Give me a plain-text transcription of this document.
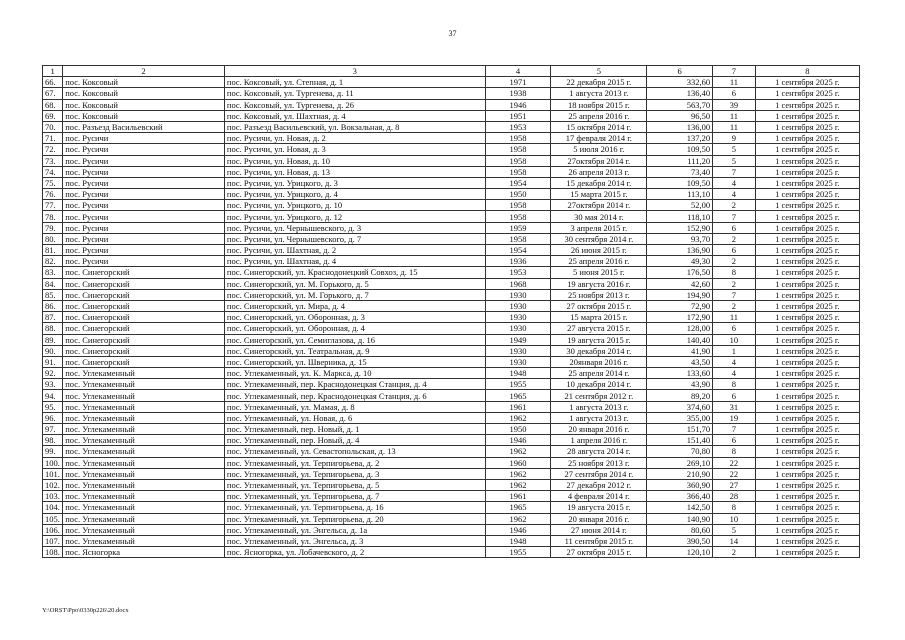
37
1	2	3	4	5	6	7	8
66.	пос. Коксовый	пос. Коксовый, ул. Степная, д. 1	1971	22 декабря 2015 г.	332,60	11	1 сентября 2025 г.
67.	пос. Коксовый	пос. Коксовый, ул. Тургенева, д. 11	1938	1 августа 2013 г.	136,40	6	1 сентября 2025 г.
68.	пос. Коксовый	пос. Коксовый, ул. Тургенева, д. 26	1946	18 ноября 2015 г.	563,70	39	1 сентября 2025 г.
69.	пос. Коксовый	пос. Коксовый, ул. Шахтная, д. 4	1951	25 апреля 2016 г.	96,50	11	1 сентября 2025 г.
70.	пос. Разъезд Васильевский	пос. Разъезд Васильевский, ул. Вокзальная, д. 8	1953	15 октября 2014 г.	136,00	11	1 сентября 2025 г.
71.	пос. Русичи	пос. Русичи, ул. Новая, д. 2	1958	17 февраля 2014 г.	137,20	9	1 сентября 2025 г.
72.	пос. Русичи	пос. Русичи, ул. Новая, д. 3	1958	5 июля 2016 г.	109,50	5	1 сентября 2025 г.
73.	пос. Русичи	пос. Русичи, ул. Новая, д. 10	1958	27октября 2014 г.	111,20	5	1 сентября 2025 г.
74.	пос. Русичи	пос. Русичи, ул. Новая, д. 13	1958	26 апреля 2013 г.	73,40	7	1 сентября 2025 г.
75.	пос. Русичи	пос. Русичи, ул. Урицкого, д. 3	1954	15 декабря 2014 г.	109,50	4	1 сентября 2025 г.
76.	пос. Русичи	пос. Русичи, ул. Урицкого, д. 4	1950	15 марта 2015 г.	113,10	4	1 сентября 2025 г.
77.	пос. Русичи	пос. Русичи, ул. Урицкого, д. 10	1958	27октября 2014 г.	52,00	2	1 сентября 2025 г.
78.	пос. Русичи	пос. Русичи, ул. Урицкого, д. 12	1958	30 мая 2014 г.	118,10	7	1 сентября 2025 г.
79.	пос. Русичи	пос. Русичи, ул. Чернышевского, д. 3	1959	3 апреля 2015 г.	152,90	6	1 сентября 2025 г.
80.	пос. Русичи	пос. Русичи, ул. Чернышевского, д. 7	1958	30 сентября 2014 г.	93,70	2	1 сентября 2025 г.
81.	пос. Русичи	пос. Русичи, ул. Шахтная, д. 2	1954	26 июня 2015 г.	136,90	6	1 сентября 2025 г.
82.	пос. Русичи	пос. Русичи, ул. Шахтная, д. 4	1936	25 апреля 2016 г.	49,30	2	1 сентября 2025 г.
83.	пос. Синегорский	пос. Синегорский, ул. Краснодонецкий Совхоз, д. 15	1953	5 июня 2015 г.	176,50	8	1 сентября 2025 г.
84.	пос. Синегорский	пос. Синегорский, ул. М. Горького, д. 5	1968	19 августа 2016 г.	42,60	2	1 сентября 2025 г.
85.	пос. Синегорский	пос. Синегорский, ул. М. Горького, д. 7	1930	25 ноября 2013 г.	194,90	7	1 сентября 2025 г.
86.	пос. Синегорский	пос. Синегорский, ул. Мира, д. 4	1930	27 октября 2015 г.	72,90	2	1 сентября 2025 г.
87.	пос. Синегорский	пос. Синегорский, ул. Оборонная, д. 3	1930	15 марта 2015 г.	172,90	11	1 сентября 2025 г.
88.	пос. Синегорский	пос. Синегорский, ул. Оборонная, д. 4	1930	27 августа 2015 г.	128,00	6	1 сентября 2025 г.
89.	пос. Синегорский	пос. Синегорский, ул. Семиглазова, д. 16	1949	19 августа 2015 г.	140,40	10	1 сентября 2025 г.
90.	пос. Синегорский	пос. Синегорский, ул. Театральная, д. 9	1930	30 декабря 2014 г.	41,90	1	1 сентября 2025 г.
91.	пос. Синегорский	пос. Синегорский, ул. Шверника, д. 15	1930	20января 2016 г.	43,50	4	1 сентября 2025 г.
92.	пос. Углекаменный	пос. Углекаменный, ул. К. Маркса, д. 10	1948	25 апреля 2014 г.	133,60	4	1 сентября 2025 г.
93.	пос. Углекаменный	пос. Углекаменный, пер. Краснодонецкая Станция, д. 4	1955	10 декабря 2014 г.	43,90	8	1 сентября 2025 г.
94.	пос. Углекаменный	пос. Углекаменный, пер. Краснодонецкая Станция, д. 6	1965	21 сентября 2012 г.	89,20	6	1 сентября 2025 г.
95.	пос. Углекаменный	пос. Углекаменный, ул. Мамая, д. 8	1961	1 августа 2013 г.	374,60	31	1 сентября 2025 г.
96.	пос. Углекаменный	пос. Углекаменный, ул. Новая, д. 6	1962	1 августа 2013 г.	355,00	19	1 сентября 2025 г.
97.	пос. Углекаменный	пос. Углекаменный, пер. Новый, д. 1	1950	20 января 2016 г.	151,70	7	1 сентября 2025 г.
98.	пос. Углекаменный	пос. Углекаменный, пер. Новый, д. 4	1946	1 апреля 2016 г.	151,40	6	1 сентября 2025 г.
99.	пос. Углекаменный	пос. Углекаменный, ул. Севастопольская, д. 13	1962	28 августа 2014 г.	70,80	8	1 сентября 2025 г.
100.	пос. Углекаменный	пос. Углекаменный, ул. Терпигорьева, д. 2	1960	25 ноября 2013 г.	269,10	22	1 сентября 2025 г.
101.	пос. Углекаменный	пос. Углекаменный, ул. Терпигорьева, д. 3	1962	27 сентября 2014 г.	210,90	22	1 сентября 2025 г.
102.	пос. Углекаменный	пос. Углекаменный, ул. Терпигорьева, д. 5	1962	27 декабря 2012 г.	360,90	27	1 сентября 2025 г.
103.	пос. Углекаменный	пос. Углекаменный, ул. Терпигорьева, д. 7	1961	4 февраля 2014 г.	366,40	28	1 сентября 2025 г.
104.	пос. Углекаменный	пос. Углекаменный, ул. Терпигорьева, д. 16	1965	19 августа 2015 г.	142,50	8	1 сентября 2025 г.
105.	пос. Углекаменный	пос. Углекаменный, ул. Терпигорьева, д. 20	1962	20 января 2016 г.	140,90	10	1 сентября 2025 г.
106.	пос. Углекаменный	пос. Углекаменный, ул. Энгельса, д. 1а	1946	27 июня 2014 г.	80,60	5	1 сентября 2025 г.
107.	пос. Углекаменный	пос. Углекаменный, ул. Энгельса, д. 3	1948	11 сентября 2015 г.	390,50	14	1 сентября 2025 г.
108.	пос. Ясногорка	пос. Ясногорка, ул. Лобачевского, д. 2	1955	27 октября 2015 г.	120,10	2	1 сентября 2025 г.
Y:\ORST\Ppo\0330p226\20.docx
